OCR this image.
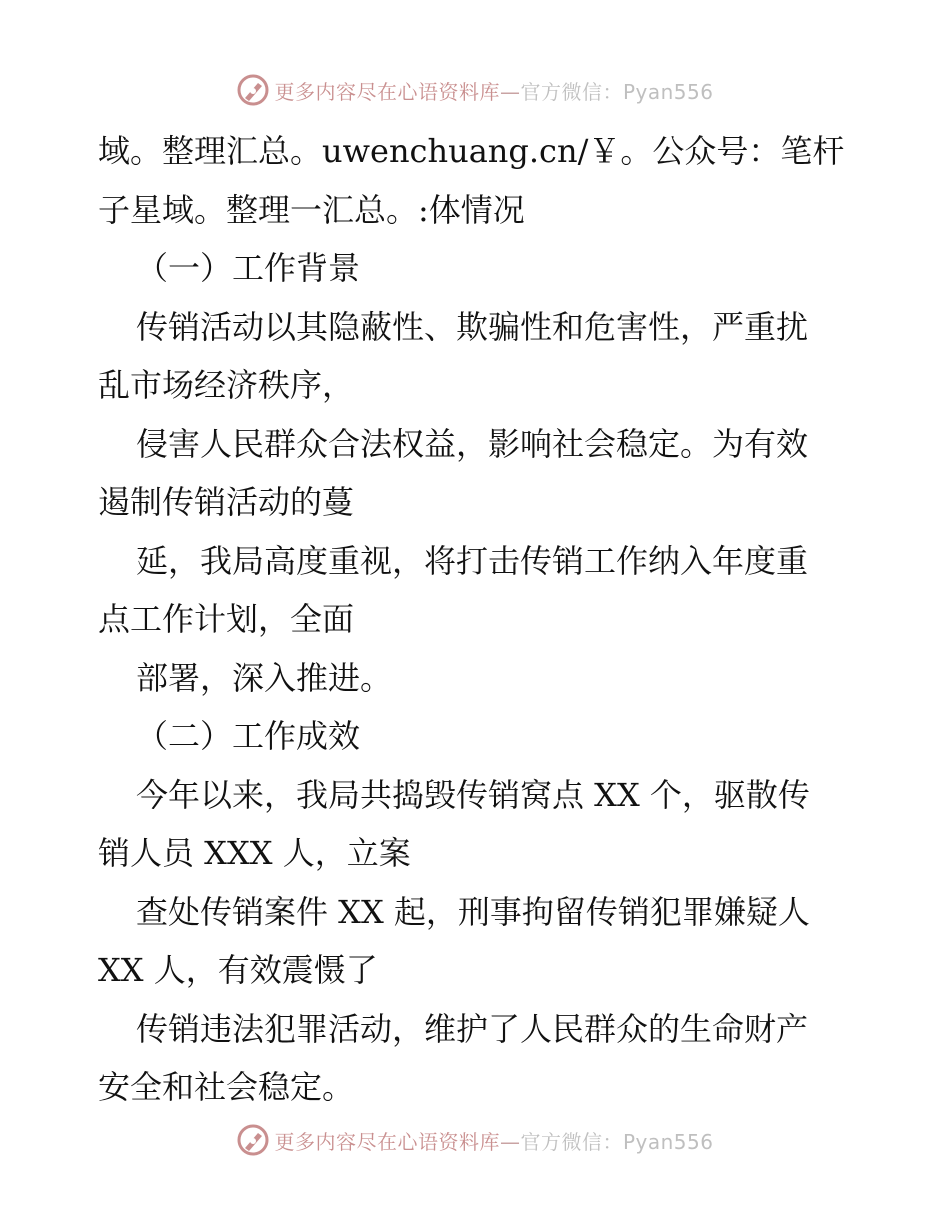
更多内容尽在心语资料库—官方微信：Pyan556
域。整理汇总。uwenchuang.cn/￥。公众号：笔杆
子星域。整理一汇总。:体情况
（一）工作背景
传销活动以其隐蔽性、欺骗性和危害性，严重扰
乱市场经济秩序，
侵害人民群众合法权益，影响社会稳定。为有效
遏制传销活动的蔓
延，我局高度重视，将打击传销工作纳入年度重
点工作计划，全面
部署，深入推进。
（二）工作成效
今年以来，我局共捣毁传销窝点 XX 个，驱散传
销人员 XXX 人，立案
查处传销案件 XX 起，刑事拘留传销犯罪嫌疑人
XX 人，有效震慑了
传销违法犯罪活动，维护了人民群众的生命财产
安全和社会稳定。
更多内容尽在心语资料库—官方微信：Pyan556
